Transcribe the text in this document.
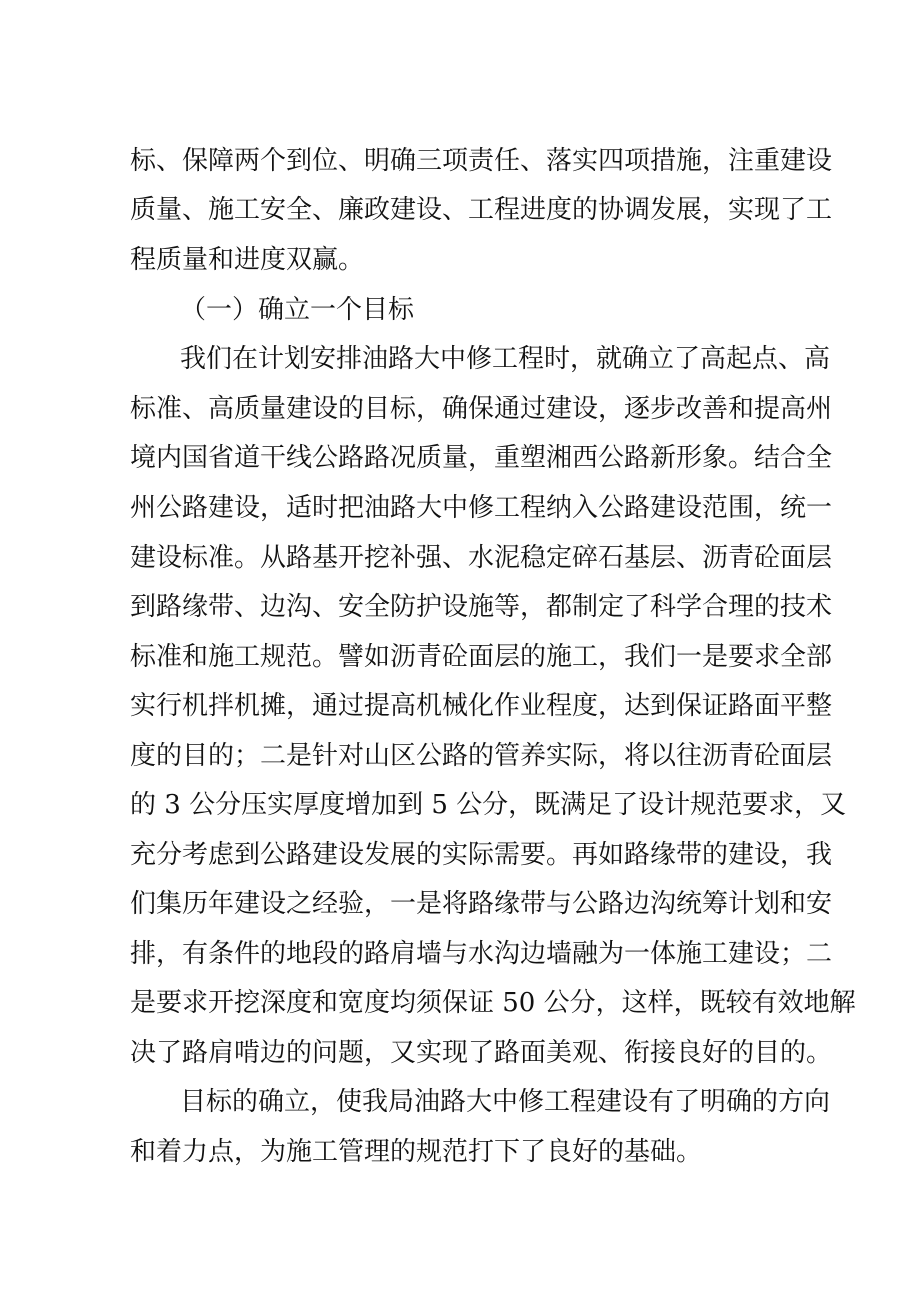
标、保障两个到位、明确三项责任、落实四项措施，注重建设
质量、施工安全、廉政建设、工程进度的协调发展，实现了工
程质量和进度双赢。
（一）确立一个目标
我们在计划安排油路大中修工程时，就确立了高起点、高
标准、高质量建设的目标，确保通过建设，逐步改善和提高州
境内国省道干线公路路况质量，重塑湘西公路新形象。结合全
州公路建设，适时把油路大中修工程纳入公路建设范围，统一
建设标准。从路基开挖补强、水泥稳定碎石基层、沥青砼面层
到路缘带、边沟、安全防护设施等，都制定了科学合理的技术
标准和施工规范。譬如沥青砼面层的施工，我们一是要求全部
实行机拌机摊，通过提高机械化作业程度，达到保证路面平整
度的目的；二是针对山区公路的管养实际，将以往沥青砼面层
的 3 公分压实厚度增加到 5 公分，既满足了设计规范要求，又
充分考虑到公路建设发展的实际需要。再如路缘带的建设，我
们集历年建设之经验，一是将路缘带与公路边沟统筹计划和安
排，有条件的地段的路肩墙与水沟边墙融为一体施工建设；二
是要求开挖深度和宽度均须保证 50 公分，这样，既较有效地解
决了路肩啃边的问题，又实现了路面美观、衔接良好的目的。
目标的确立，使我局油路大中修工程建设有了明确的方向
和着力点，为施工管理的规范打下了良好的基础。
